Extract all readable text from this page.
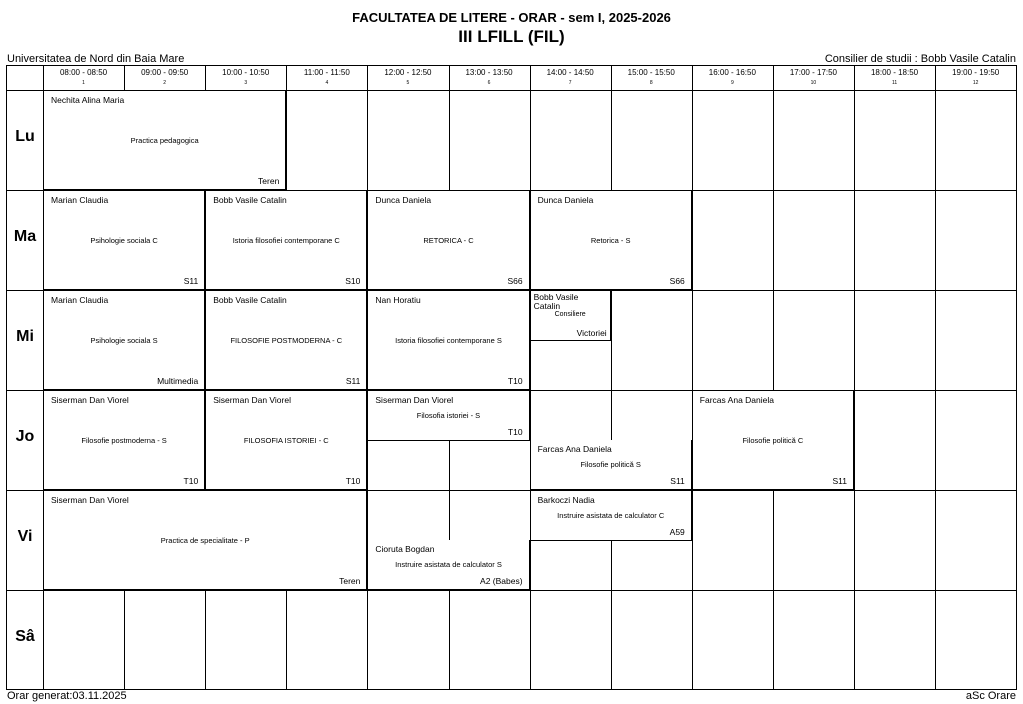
FACULTATEA DE LITERE - ORAR - sem I, 2025-2026
III LFILL (FIL)
Universitatea de Nord din Baia Mare	Consilier de studii : Bobb Vasile Catalin
08:00 - 08:50
1
09:00 - 09:50
2
10:00 - 10:50
3
11:00 - 11:50
4
12:00 - 12:50
5
13:00 - 13:50
6
14:00 - 14:50
7
15:00 - 15:50
8
16:00 - 16:50
9
17:00 - 17:50
10
18:00 - 18:50
11
19:00 - 19:50
12
Lu
Ma
Mi
Jo
Vi
Sâ
Nechita Alina Maria
Practica pedagogica
Teren
Marian Claudia
Psihologie sociala C
S11
Bobb Vasile Catalin
Istoria filosofiei contemporane C
S10
Dunca Daniela
RETORICA - C
S66
Dunca Daniela
Retorica - S
S66
Marian Claudia
Psihologie sociala S
Multimedia
Bobb Vasile Catalin
FILOSOFIE POSTMODERNA - C
S11
Nan Horatiu
Istoria filosofiei contemporane S
T10
Bobb Vasile Catalin
Consiliere
Victoriei
Siserman Dan Viorel
Filosofie postmoderna - S
T10
Siserman Dan Viorel
FILOSOFIA ISTORIEI - C
T10
Siserman Dan Viorel
Filosofia istoriei - S
T10
Farcas Ana Daniela
Filosofie politică S
S11
Farcas Ana Daniela
Filosofie politică C
S11
Siserman Dan Viorel
Practica de specialitate - P
Teren
Cioruta Bogdan
Instruire asistata de calculator S
A2 (Babes)
Barkoczi Nadia
Instruire asistata de calculator C
A59
Orar generat:03.11.2025	aSc Orare
